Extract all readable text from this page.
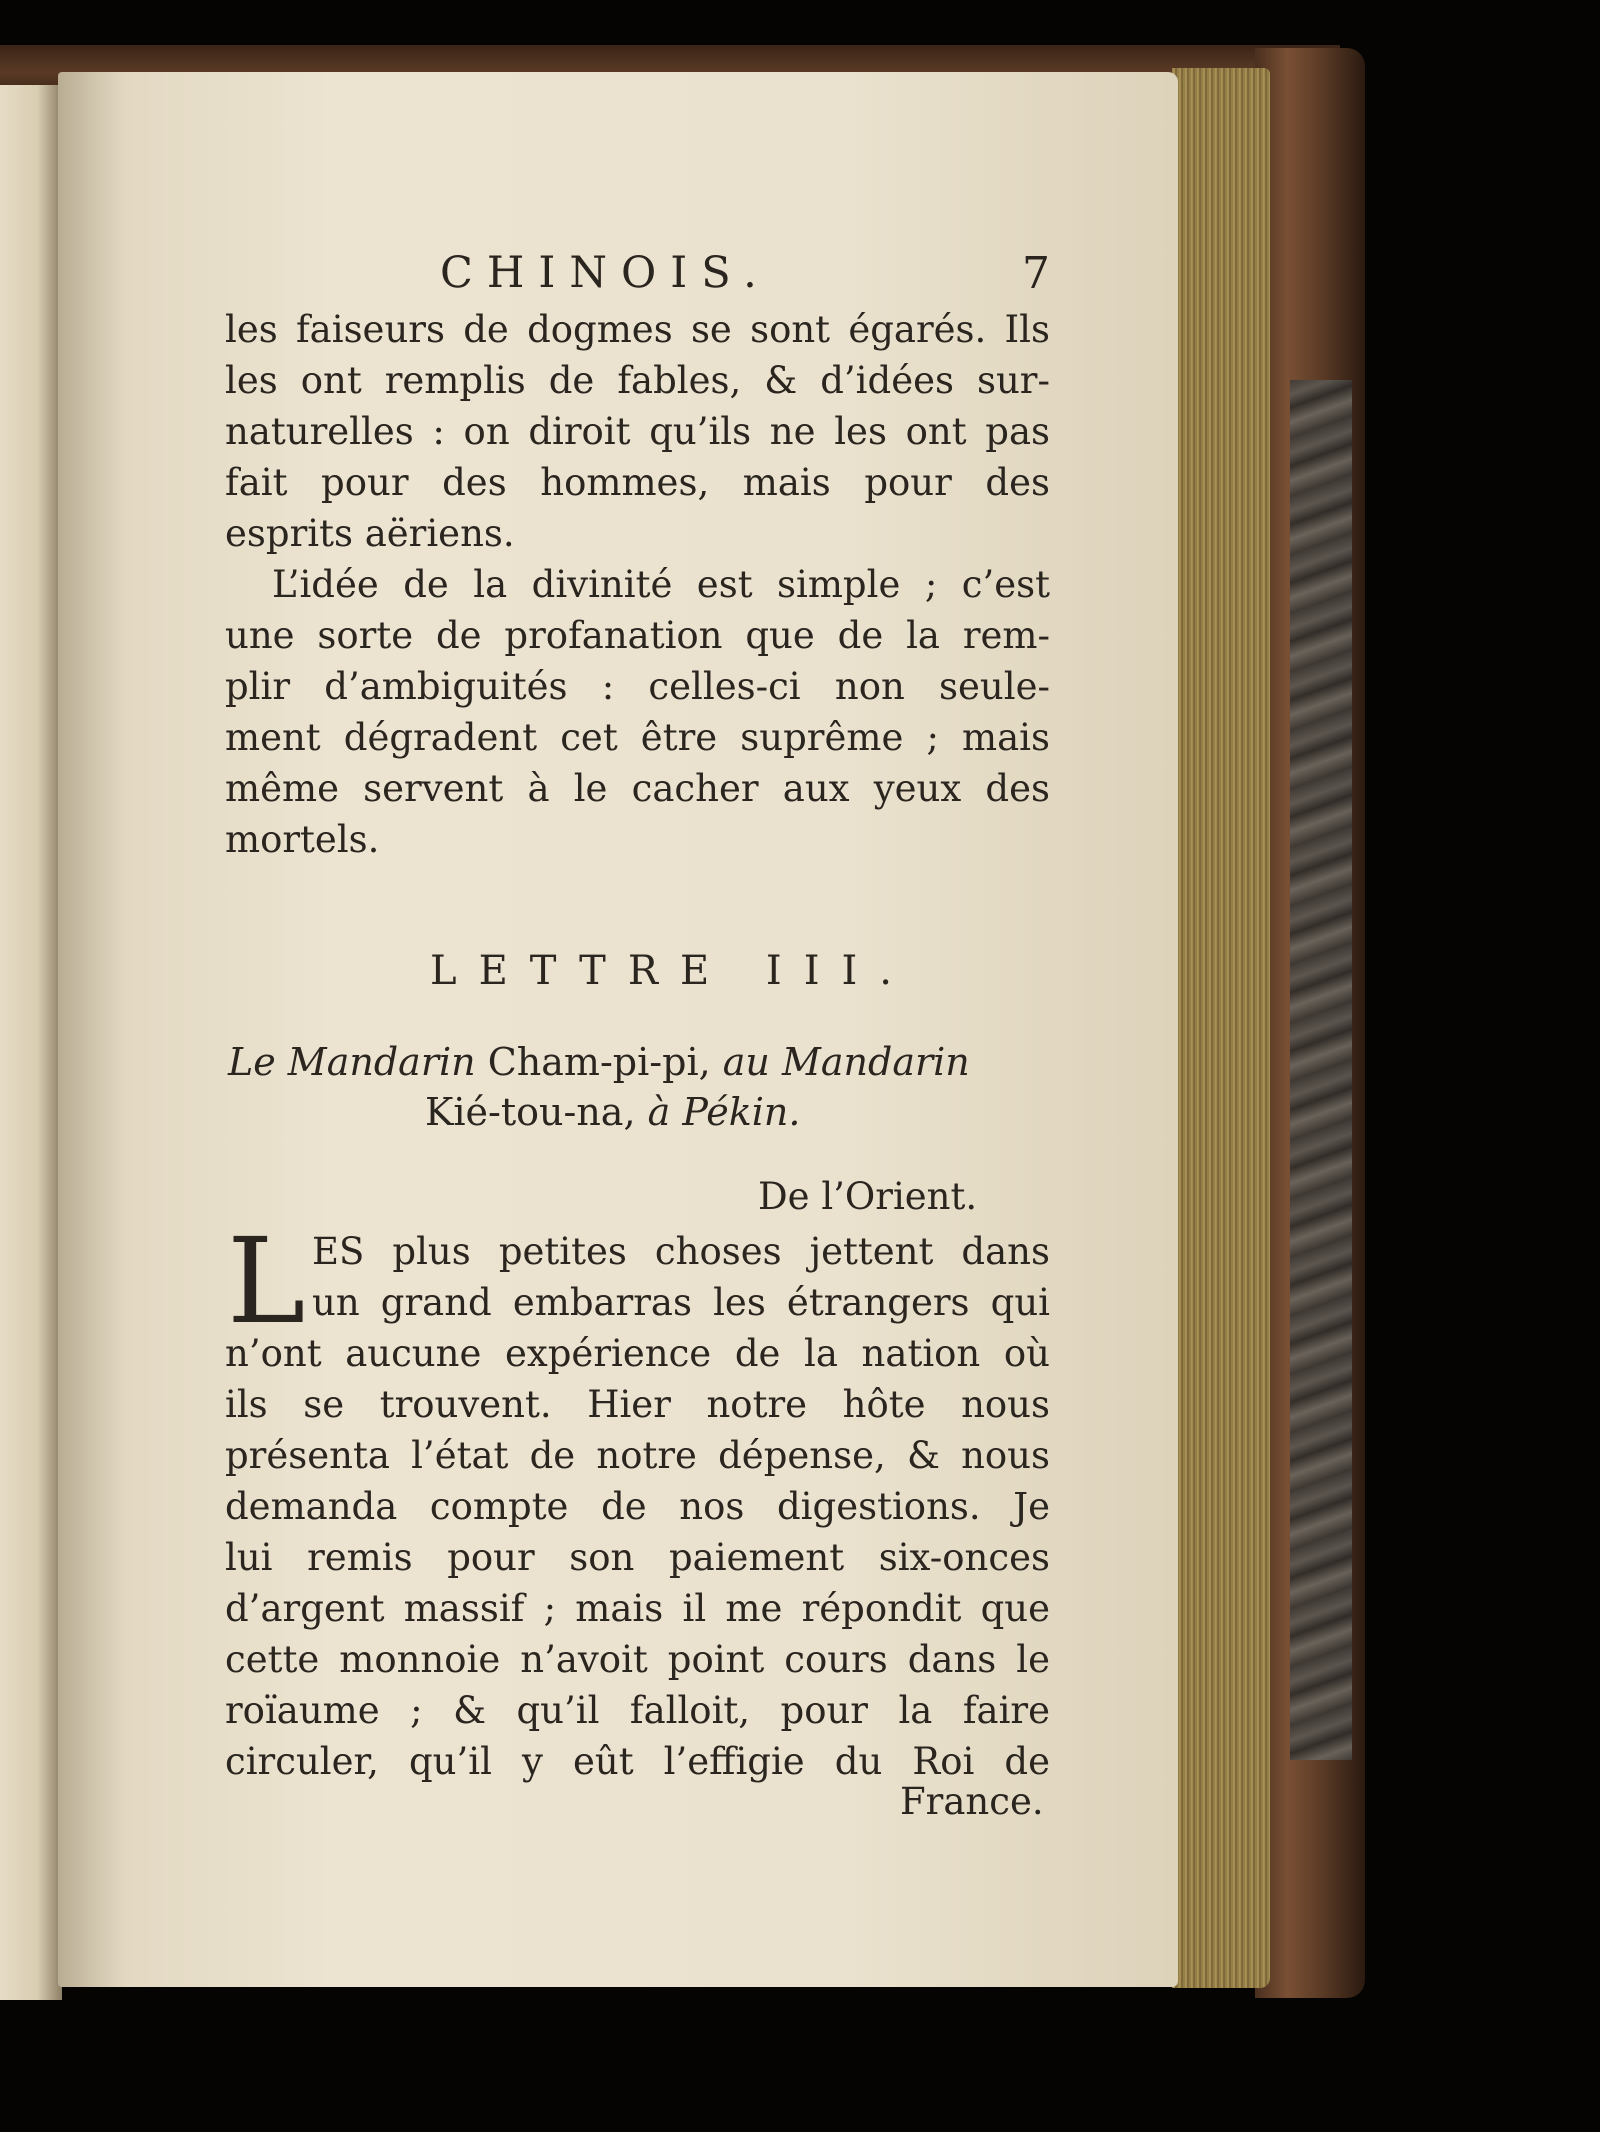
CHINOIS.	7
les faiseurs de dogmes se sont égarés. Ils
les ont remplis de fables, & d’idées sur-
naturelles : on diroit qu’ils ne les ont pas
fait pour des hommes, mais pour des
esprits aëriens.
L’idée de la divinité est simple ; c’est
une sorte de profanation que de la rem-
plir d’ambiguités : celles-ci non seule-
ment dégradent cet être suprême ; mais
même servent à le cacher aux yeux des
mortels.
LETTRE III.
Le Mandarin Cham-pi-pi, au Mandarin
Kié-tou-na, à Pékin.
De l’Orient.
L ES plus petites choses jettent dans
un grand embarras les étrangers qui
n’ont aucune expérience de la nation où
ils se trouvent. Hier notre hôte nous
présenta l’état de notre dépense, & nous
demanda compte de nos digestions. Je
lui remis pour son paiement six-onces
d’argent massif ; mais il me répondit que
cette monnoie n’avoit point cours dans le
roïaume ; & qu’il falloit, pour la faire
circuler, qu’il y eût l’effigie du Roi de
France.
